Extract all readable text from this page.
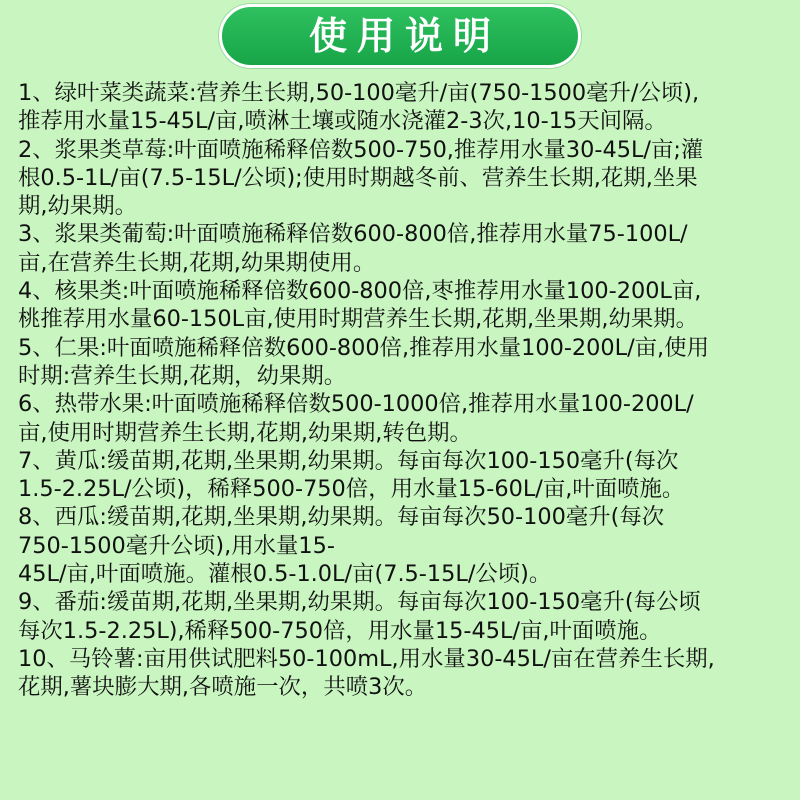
使用说明
1、绿叶菜类蔬菜:营养生长期,50-100毫升/亩(750-1500毫升/公顷),
推荐用水量15-45L/亩,喷淋土壤或随水浇灌2-3次,10-15天间隔。
2、浆果类草莓:叶面喷施稀释倍数500-750,推荐用水量30-45L/亩;灌
根0.5-1L/亩(7.5-15L/公顷);使用时期越冬前、营养生长期,花期,坐果
期,幼果期。
3、浆果类葡萄:叶面喷施稀释倍数600-800倍,推荐用水量75-100L/
亩,在营养生长期,花期,幼果期使用。
4、核果类:叶面喷施稀释倍数600-800倍,枣推荐用水量100-200L亩,
桃推荐用水量60-150L亩,使用时期营养生长期,花期,坐果期,幼果期。
5、仁果:叶面喷施稀释倍数600-800倍,推荐用水量100-200L/亩,使用
时期:营养生长期,花期，幼果期。
6、热带水果:叶面喷施稀释倍数500-1000倍,推荐用水量100-200L/
亩,使用时期营养生长期,花期,幼果期,转色期。
7、黄瓜:缓苗期,花期,坐果期,幼果期。每亩每次100-150毫升(每次
1.5-2.25L/公顷)，稀释500-750倍，用水量15-60L/亩,叶面喷施。
8、西瓜:缓苗期,花期,坐果期,幼果期。每亩每次50-100毫升(每次
750-1500毫升公顷),用水量15-
45L/亩,叶面喷施。灌根0.5-1.0L/亩(7.5-15L/公顷)。
9、番茄:缓苗期,花期,坐果期,幼果期。每亩每次100-150毫升(每公顷
每次1.5-2.25L),稀释500-750倍，用水量15-45L/亩,叶面喷施。
10、马铃薯:亩用供试肥料50-100mL,用水量30-45L/亩在营养生长期,
花期,薯块膨大期,各喷施一次，共喷3次。
